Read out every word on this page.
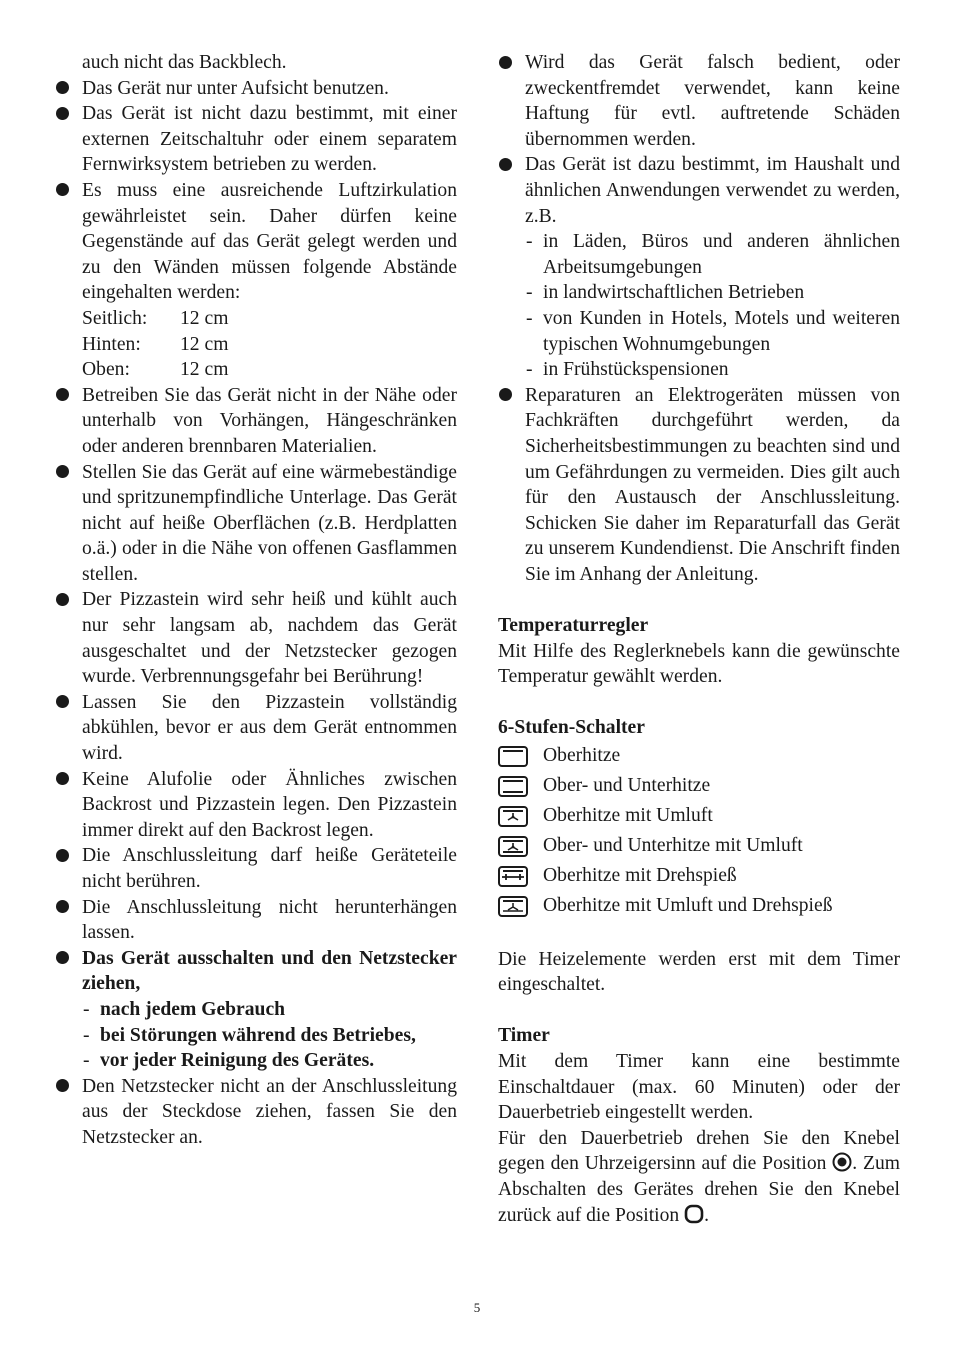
auch nicht das Backblech.

Das Gerät nur unter Aufsicht benutzen.

Das Gerät ist nicht dazu bestimmt, mit einer externen Zeitschaltuhr oder einem separatem Fernwirksystem betrieben zu werden.

Es muss eine ausreichende Luftzirkulation gewährleistet sein. Daher dürfen keine Gegenstände auf das Gerät gelegt werden und zu den Wänden müssen folgende Abstände eingehalten werden:

Seitlich:	12 cm
Hinten:	12 cm
Oben:	12 cm

Betreiben Sie das Gerät nicht in der Nähe oder unterhalb von Vorhängen, Hängeschränken oder anderen brennbaren Materialien.

Stellen Sie das Gerät auf eine wärmebeständige und spritzunempfindliche Unterlage. Das Gerät nicht auf heiße Oberflächen (z.B. Herdplatten o.ä.) oder in die Nähe von offenen Gasflammen stellen.

Der Pizzastein wird sehr heiß und kühlt auch nur sehr langsam ab, nachdem das Gerät ausgeschaltet und der Netzstecker gezogen wurde. Verbrennungsgefahr bei Berührung!

Lassen Sie den Pizzastein vollständig abkühlen, bevor er aus dem Gerät entnommen wird.

Keine Alufolie oder Ähnliches zwischen Backrost und Pizzastein legen. Den Pizzastein immer direkt auf den Backrost legen.

Die Anschlussleitung darf heiße Geräteteile nicht berühren.

Die Anschlussleitung nicht herunterhängen lassen.

Das Gerät ausschalten und den Netzstecker ziehen,

- nach jedem Gebrauch

- bei Störungen während des Betriebes,

- vor jeder Reinigung des Gerätes.

Den Netzstecker nicht an der Anschlussleitung aus der Steckdose ziehen, fassen Sie den Netzstecker an.

Wird das Gerät falsch bedient, oder zweckentfremdet verwendet, kann keine Haftung für evtl. auftretende Schäden übernommen werden.

Das Gerät ist dazu bestimmt, im Haushalt und ähnlichen Anwendungen verwendet zu werden, z.B.

- in Läden, Büros und anderen ähnlichen Arbeitsumgebungen

- in landwirtschaftlichen Betrieben

- von Kunden in Hotels, Motels und weiteren typischen Wohnumgebungen

- in Frühstückspensionen

Reparaturen an Elektrogeräten müssen von Fachkräften durchgeführt werden, da Sicherheitsbestimmungen zu beachten sind und um Gefährdungen zu vermeiden. Dies gilt auch für den Austausch der Anschlussleitung. Schicken Sie daher im Reparaturfall das Gerät zu unserem Kundendienst. Die Anschrift finden Sie im Anhang der Anleitung.

Temperaturregler

Mit Hilfe des Reglerknebels kann die gewünschte Temperatur gewählt werden.

6-Stufen-Schalter

Oberhitze
Ober- und Unterhitze
Oberhitze mit Umluft
Ober- und Unterhitze mit Umluft
Oberhitze mit Drehspieß
Oberhitze mit Umluft und Drehspieß

Die Heizelemente werden erst mit dem Timer eingeschaltet.

Timer

Mit dem Timer kann eine bestimmte Einschaltdauer (max. 60 Minuten) oder der Dauerbetrieb eingestellt werden.

Für den Dauerbetrieb drehen Sie den Knebel gegen den Uhrzeigersinn auf die Position . Zum Abschalten des Gerätes drehen Sie den Knebel zurück auf die Position .

5
